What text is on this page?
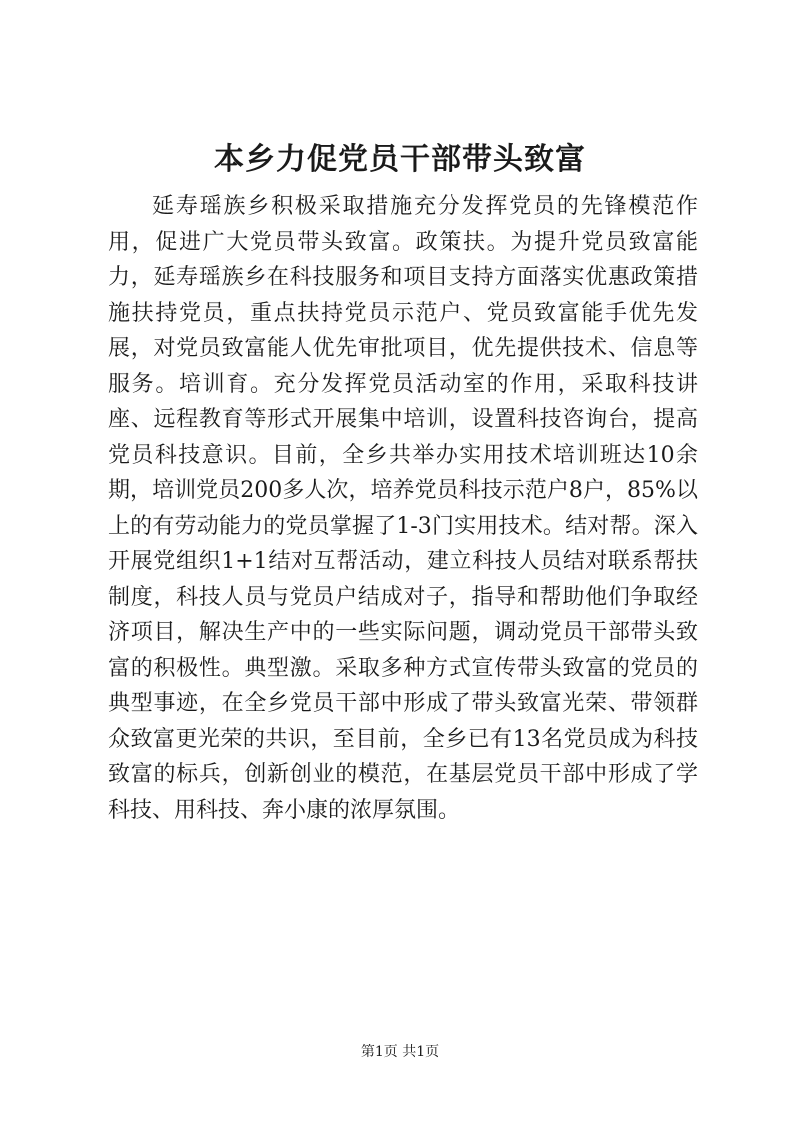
本乡力促党员干部带头致富

延寿瑶族乡积极采取措施充分发挥党员的先锋模范作用，促进广大党员带头致富。政策扶。为提升党员致富能力，延寿瑶族乡在科技服务和项目支持方面落实优惠政策措施扶持党员，重点扶持党员示范户、党员致富能手优先发展，对党员致富能人优先审批项目，优先提供技术、信息等服务。培训育。充分发挥党员活动室的作用，采取科技讲座、远程教育等形式开展集中培训，设置科技咨询台，提高党员科技意识。目前，全乡共举办实用技术培训班达10余期，培训党员200多人次，培养党员科技示范户8户，85%以上的有劳动能力的党员掌握了1-3门实用技术。结对帮。深入开展党组织1+1结对互帮活动，建立科技人员结对联系帮扶制度，科技人员与党员户结成对子，指导和帮助他们争取经济项目，解决生产中的一些实际问题，调动党员干部带头致富的积极性。典型激。采取多种方式宣传带头致富的党员的典型事迹，在全乡党员干部中形成了带头致富光荣、带领群众致富更光荣的共识，至目前，全乡已有13名党员成为科技致富的标兵，创新创业的模范，在基层党员干部中形成了学科技、用科技、奔小康的浓厚氛围。

第1页 共1页
